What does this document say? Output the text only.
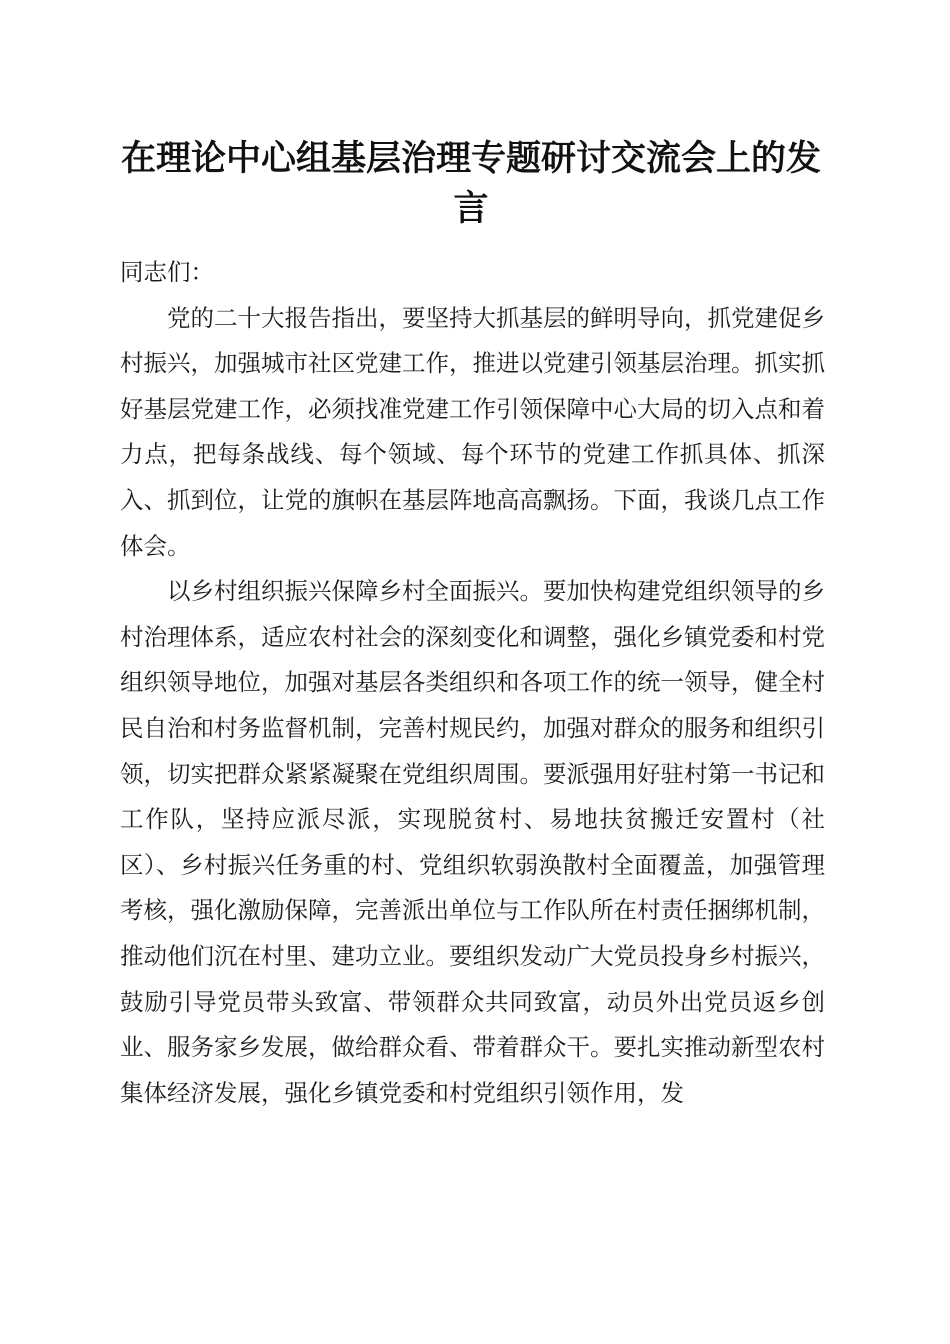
在理论中心组基层治理专题研讨交流会上的发言

同志们：

党的二十大报告指出，要坚持大抓基层的鲜明导向，抓党建促乡村振兴，加强城市社区党建工作，推进以党建引领基层治理。抓实抓好基层党建工作，必须找准党建工作引领保障中心大局的切入点和着力点，把每条战线、每个领域、每个环节的党建工作抓具体、抓深入、抓到位，让党的旗帜在基层阵地高高飘扬。下面，我谈几点工作体会。

以乡村组织振兴保障乡村全面振兴。要加快构建党组织领导的乡村治理体系，适应农村社会的深刻变化和调整，强化乡镇党委和村党组织领导地位，加强对基层各类组织和各项工作的统一领导，健全村民自治和村务监督机制，完善村规民约，加强对群众的服务和组织引领，切实把群众紧紧凝聚在党组织周围。要派强用好驻村第一书记和工作队，坚持应派尽派，实现脱贫村、易地扶贫搬迁安置村（社区）、乡村振兴任务重的村、党组织软弱涣散村全面覆盖，加强管理考核，强化激励保障，完善派出单位与工作队所在村责任捆绑机制，推动他们沉在村里、建功立业。要组织发动广大党员投身乡村振兴，鼓励引导党员带头致富、带领群众共同致富，动员外出党员返乡创业、服务家乡发展，做给群众看、带着群众干。要扎实推动新型农村集体经济发展，强化乡镇党委和村党组织引领作用，发
